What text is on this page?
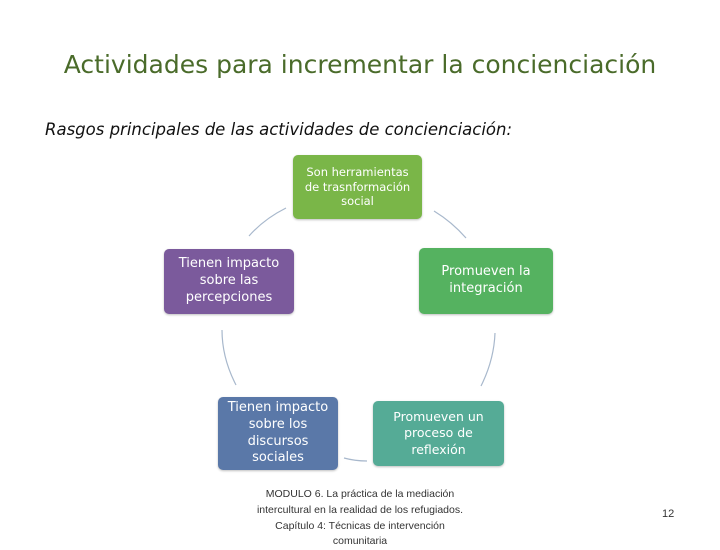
Actividades para incrementar la concienciación
Rasgos principales de las actividades de concienciación:
Son herramientas de trasnformación social
Promueven la integración
Promueven un proceso de reflexión
Tienen impacto sobre los discursos sociales
Tienen impacto sobre las percepciones
MODULO 6. La práctica de la mediación intercultural en la realidad de los refugiados. Capítulo 4: Técnicas de intervención comunitaria
12
